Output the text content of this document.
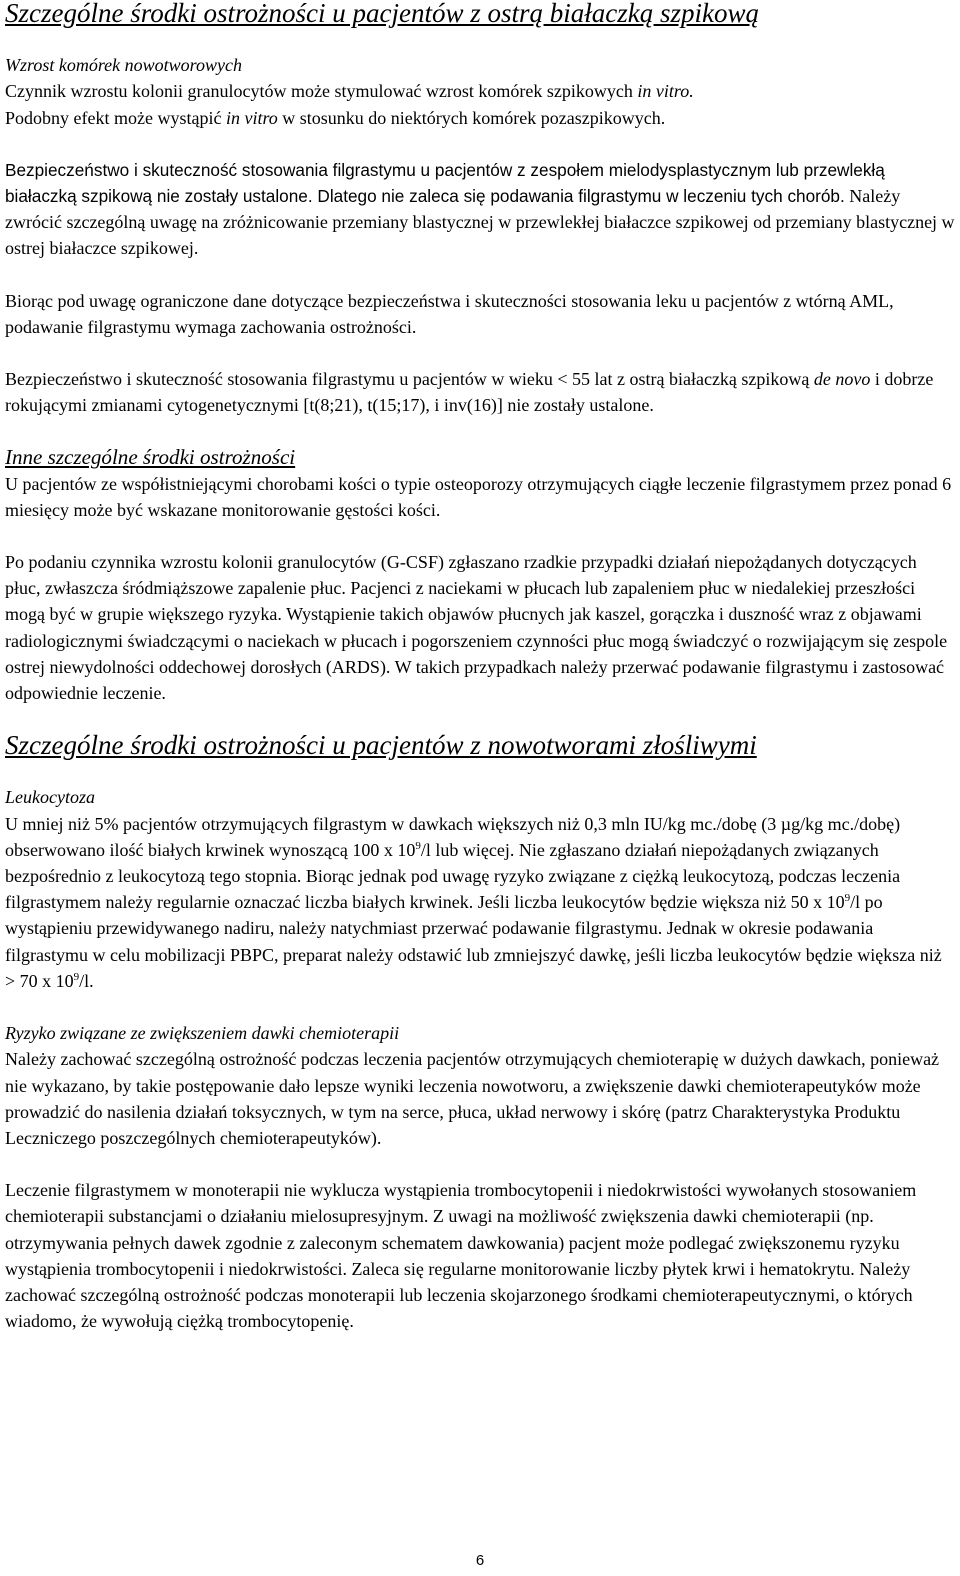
Szczególne środki ostrożności u pacjentów z ostrą białaczką szpikową

Wzrost komórek nowotworowych

Czynnik wzrostu kolonii granulocytów może stymulować wzrost komórek szpikowych in vitro.
Podobny efekt może wystąpić in vitro w stosunku do niektórych komórek pozaszpikowych.

Bezpieczeństwo i skuteczność stosowania filgrastymu u pacjentów z zespołem mielodysplastycznym lub przewlekłą białaczką szpikową nie zostały ustalone. Dlatego nie zaleca się podawania filgrastymu w leczeniu tych chorób. Należy zwrócić szczególną uwagę na zróżnicowanie przemiany blastycznej w przewlekłej białaczce szpikowej od przemiany blastycznej w ostrej białaczce szpikowej.

Biorąc pod uwagę ograniczone dane dotyczące bezpieczeństwa i skuteczności stosowania leku u pacjentów z wtórną AML, podawanie filgrastymu wymaga zachowania ostrożności.

Bezpieczeństwo i skuteczność stosowania filgrastymu u pacjentów w wieku < 55 lat z ostrą białaczką szpikową de novo i dobrze rokującymi zmianami cytogenetycznymi [t(8;21), t(15;17), i inv(16)] nie zostały ustalone.

Inne szczególne środki ostrożności

U pacjentów ze współistniejącymi chorobami kości o typie osteoporozy otrzymujących ciągłe leczenie filgrastymem przez ponad 6 miesięcy może być wskazane monitorowanie gęstości kości.

Po podaniu czynnika wzrostu kolonii granulocytów (G-CSF) zgłaszano rzadkie przypadki działań niepożądanych dotyczących płuc, zwłaszcza śródmiąższowe zapalenie płuc. Pacjenci z naciekami w płucach lub zapaleniem płuc w niedalekiej przeszłości mogą być w grupie większego ryzyka. Wystąpienie takich objawów płucnych jak kaszel, gorączka i duszność wraz z objawami radiologicznymi świadczącymi o naciekach w płucach i pogorszeniem czynności płuc mogą świadczyć o rozwijającym się zespole ostrej niewydolności oddechowej dorosłych (ARDS). W takich przypadkach należy przerwać podawanie filgrastymu i zastosować odpowiednie leczenie.

Szczególne środki ostrożności u pacjentów z nowotworami złośliwymi

Leukocytoza

U mniej niż 5% pacjentów otrzymujących filgrastym w dawkach większych niż 0,3 mln IU/kg mc./dobę (3 µg/kg mc./dobę) obserwowano ilość białych krwinek wynoszącą 100 x $10^9/l$ lub więcej. Nie zgłaszano działań niepożądanych związanych bezpośrednio z leukocytozą tego stopnia. Biorąc jednak pod uwagę ryzyko związane z ciężką leukocytozą, podczas leczenia filgrastymem należy regularnie oznaczać liczba białych krwinek. Jeśli liczba leukocytów będzie większa niż 50 x $10^9/l$ po wystąpieniu przewidywanego nadiru, należy natychmiast przerwać podawanie filgrastymu. Jednak w okresie podawania filgrastymu w celu mobilizacji PBPC, preparat należy odstawić lub zmniejszyć dawkę, jeśli liczba leukocytów będzie większa niż > 70 x $10^9/l$.

Ryzyko związane ze zwiększeniem dawki chemioterapii

Należy zachować szczególną ostrożność podczas leczenia pacjentów otrzymujących chemioterapię w dużych dawkach, ponieważ nie wykazano, by takie postępowanie dało lepsze wyniki leczenia nowotworu, a zwiększenie dawki chemioterapeutyków może prowadzić do nasilenia działań toksycznych, w tym na serce, płuca, układ nerwowy i skórę (patrz Charakterystyka Produktu Leczniczego poszczególnych chemioterapeutyków).

Leczenie filgrastymem w monoterapii nie wyklucza wystąpienia trombocytopenii i niedokrwistości wywołanych stosowaniem chemioterapii substancjami o działaniu mielosupresyjnym. Z uwagi na możliwość zwiększenia dawki chemioterapii (np. otrzymywania pełnych dawek zgodnie z zaleconym schematem dawkowania) pacjent może podlegać zwiększonemu ryzyku wystąpienia trombocytopenii i niedokrwistości. Zaleca się regularne monitorowanie liczby płytek krwi i hematokrytu. Należy zachować szczególną ostrożność podczas monoterapii lub leczenia skojarzonego środkami chemioterapeutycznymi, o których wiadomo, że wywołują ciężką trombocytopenię.

6
